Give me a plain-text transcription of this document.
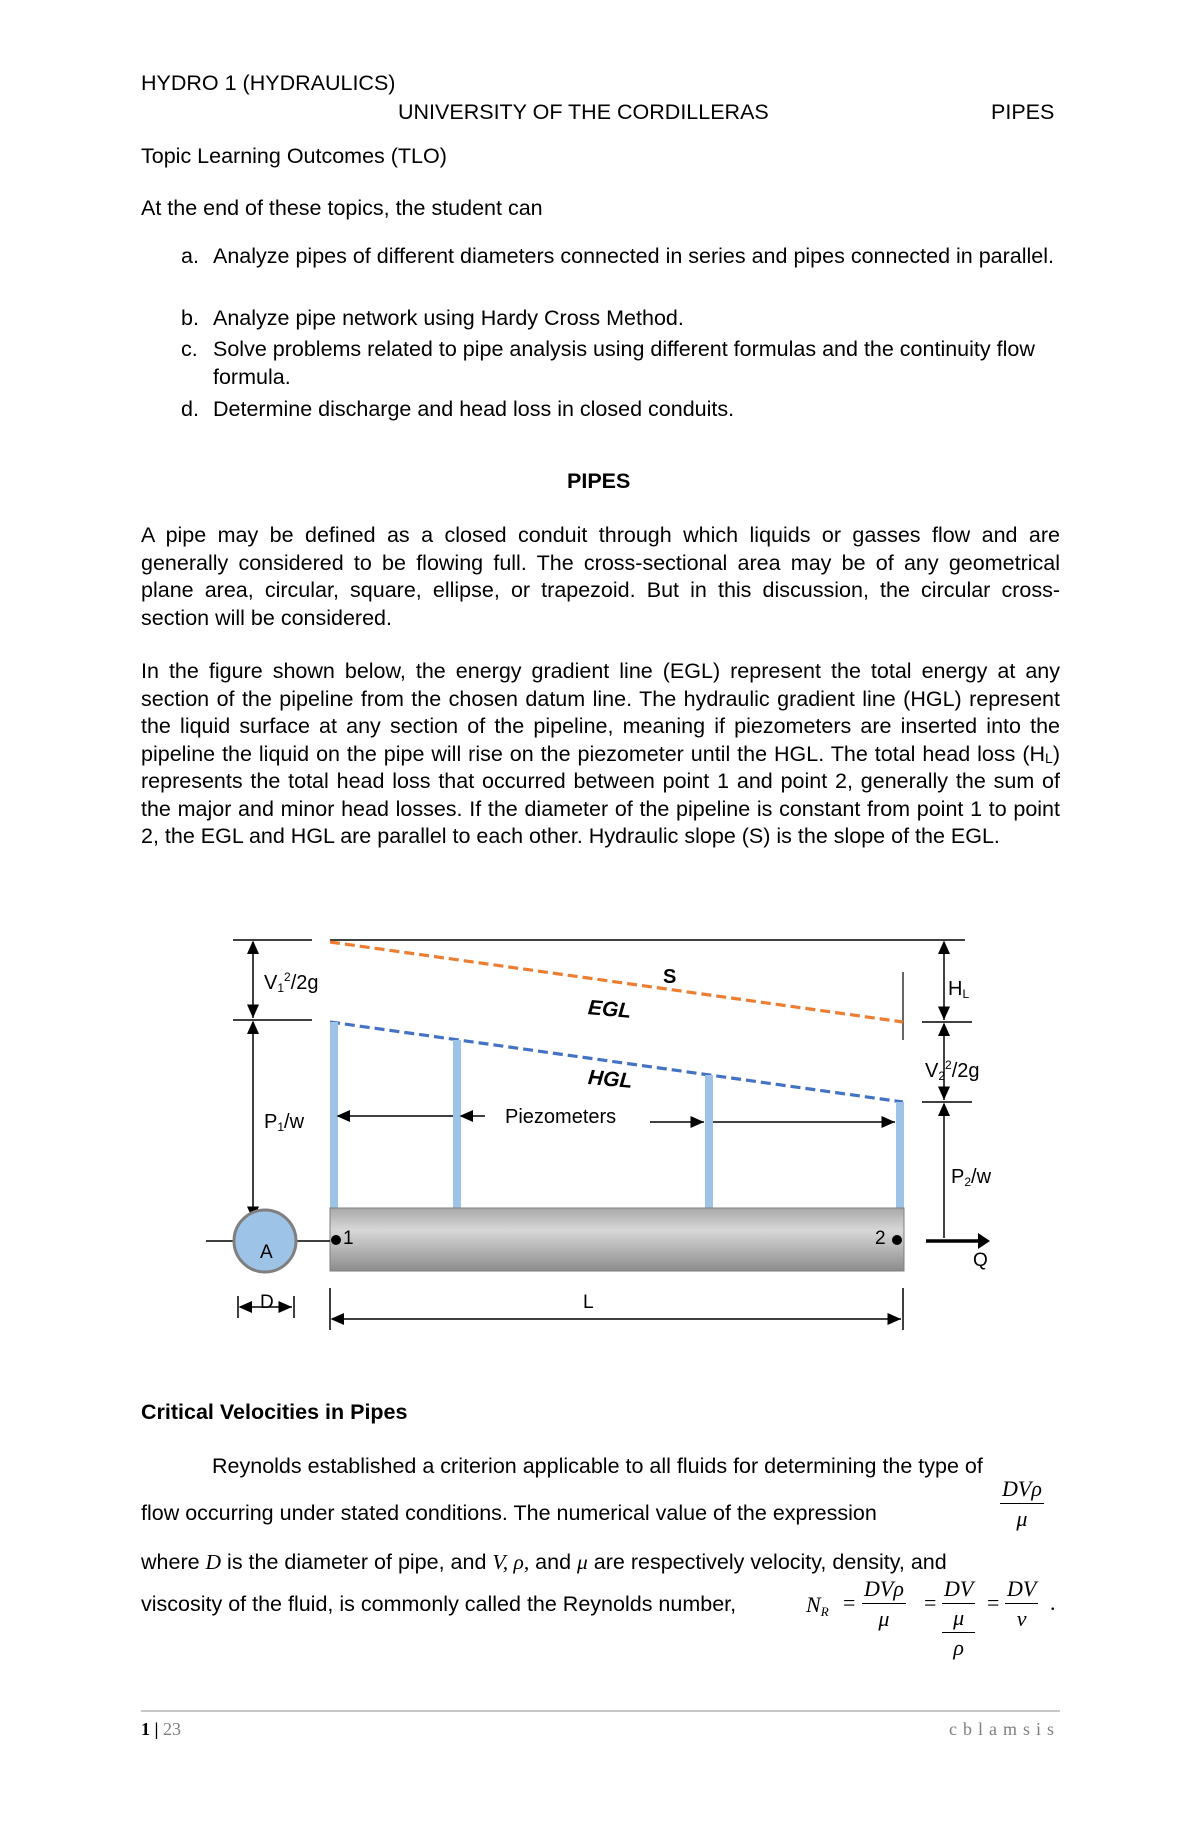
HYDRO 1 (HYDRAULICS)
UNIVERSITY OF THE CORDILLERAS	PIPES
Topic Learning Outcomes (TLO)
At the end of these topics, the student can
a. Analyze pipes of different diameters connected in series and pipes connected in parallel.
b. Analyze pipe network using Hardy Cross Method.
c. Solve problems related to pipe analysis using different formulas and the continuity flow formula.
d. Determine discharge and head loss in closed conduits.
PIPES
A pipe may be defined as a closed conduit through which liquids or gasses flow and are generally considered to be flowing full. The cross-sectional area may be of any geometrical plane area, circular, square, ellipse, or trapezoid. But in this discussion, the circular cross-section will be considered.
In the figure shown below, the energy gradient line (EGL) represent the total energy at any section of the pipeline from the chosen datum line. The hydraulic gradient line (HGL) represent the liquid surface at any section of the pipeline, meaning if piezometers are inserted into the pipeline the liquid on the pipe will rise on the piezometer until the HGL. The total head loss (HL) represents the total head loss that occurred between point 1 and point 2, generally the sum of the major and minor head losses. If the diameter of the pipeline is constant from point 1 to point 2, the EGL and HGL are parallel to each other. Hydraulic slope (S) is the slope of the EGL.
$V_1^2/2g$
$P_1/w$
EGL
S
HGL
Piezometers
$H_L$
$V_2^2/2g$
$P_2/w$
A
1	2
Q
D	L
Critical Velocities in Pipes
Reynolds established a criterion applicable to all fluids for determining the type of
flow occurring under stated conditions. The numerical value of the expression
DVρ
μ
where D is the diameter of pipe, and V, ρ, and μ are respectively velocity, density, and
viscosity of the fluid, is commonly called the Reynolds number,	$N_R$ =
DVρ
μ
=
DV
μ
ρ
= $\frac{DV}{\nu}$ .
1 | 23	cblamsis
